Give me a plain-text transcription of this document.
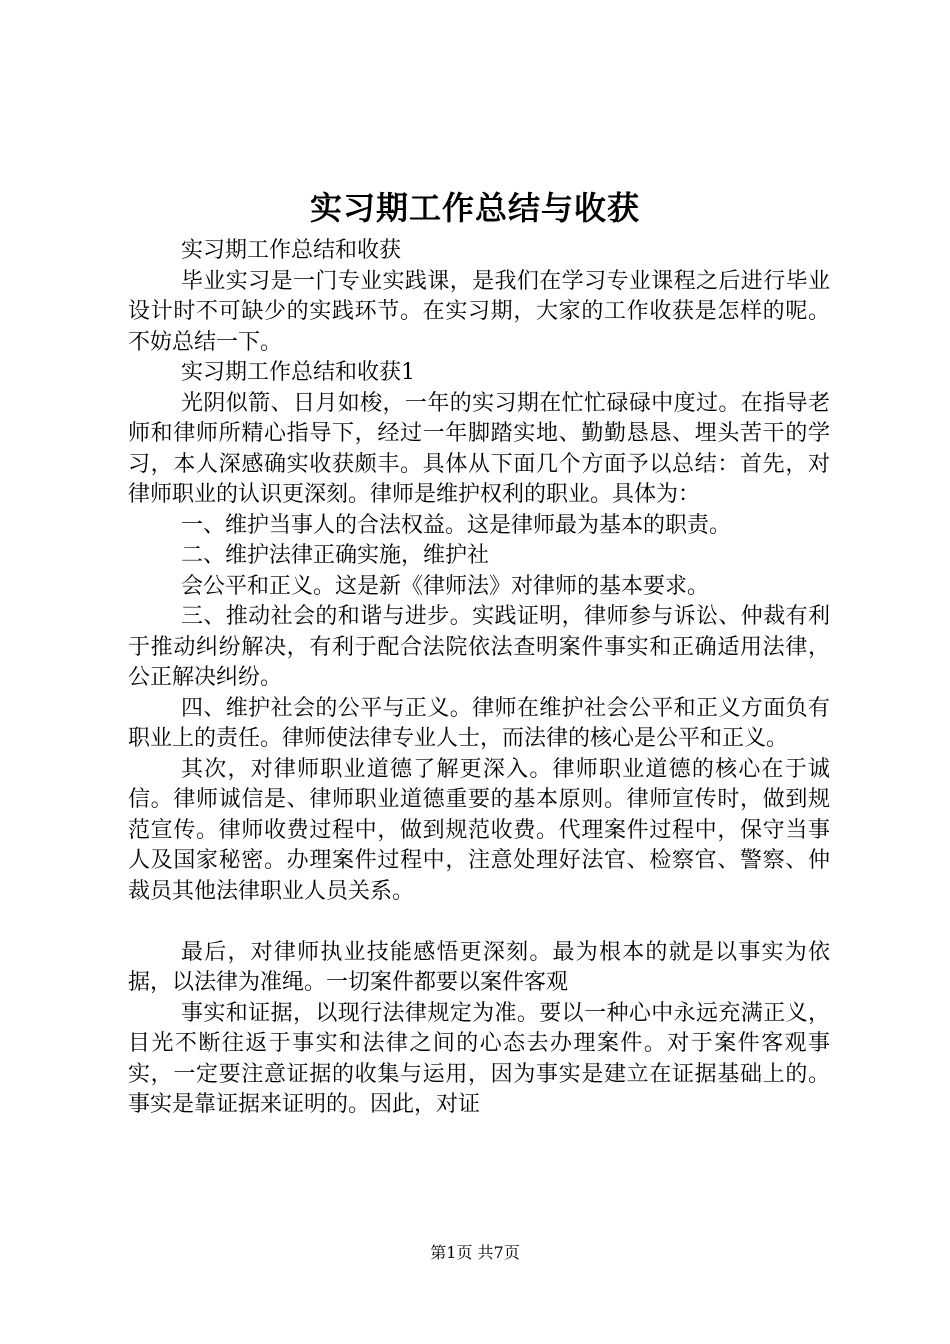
实习期工作总结与收获

实习期工作总结和收获

毕业实习是一门专业实践课，是我们在学习专业课程之后进行毕业设计时不可缺少的实践环节。在实习期，大家的工作收获是怎样的呢。不妨总结一下。

实习期工作总结和收获1

光阴似箭、日月如梭，一年的实习期在忙忙碌碌中度过。在指导老师和律师所精心指导下，经过一年脚踏实地、勤勤恳恳、埋头苦干的学习，本人深感确实收获颇丰。具体从下面几个方面予以总结：首先，对律师职业的认识更深刻。律师是维护权利的职业。具体为：

一、维护当事人的合法权益。这是律师最为基本的职责。

二、维护法律正确实施，维护社

会公平和正义。这是新《律师法》对律师的基本要求。

三、推动社会的和谐与进步。实践证明，律师参与诉讼、仲裁有利于推动纠纷解决，有利于配合法院依法查明案件事实和正确适用法律，公正解决纠纷。

四、维护社会的公平与正义。律师在维护社会公平和正义方面负有职业上的责任。律师使法律专业人士，而法律的核心是公平和正义。

其次，对律师职业道德了解更深入。律师职业道德的核心在于诚信。律师诚信是、律师职业道德重要的基本原则。律师宣传时，做到规范宣传。律师收费过程中，做到规范收费。代理案件过程中，保守当事人及国家秘密。办理案件过程中，注意处理好法官、检察官、警察、仲裁员其他法律职业人员关系。

最后，对律师执业技能感悟更深刻。最为根本的就是以事实为依据，以法律为准绳。一切案件都要以案件客观

事实和证据，以现行法律规定为准。要以一种心中永远充满正义，目光不断往返于事实和法律之间的心态去办理案件。对于案件客观事实，一定要注意证据的收集与运用，因为事实是建立在证据基础上的。事实是靠证据来证明的。因此，对证

第1页 共7页
